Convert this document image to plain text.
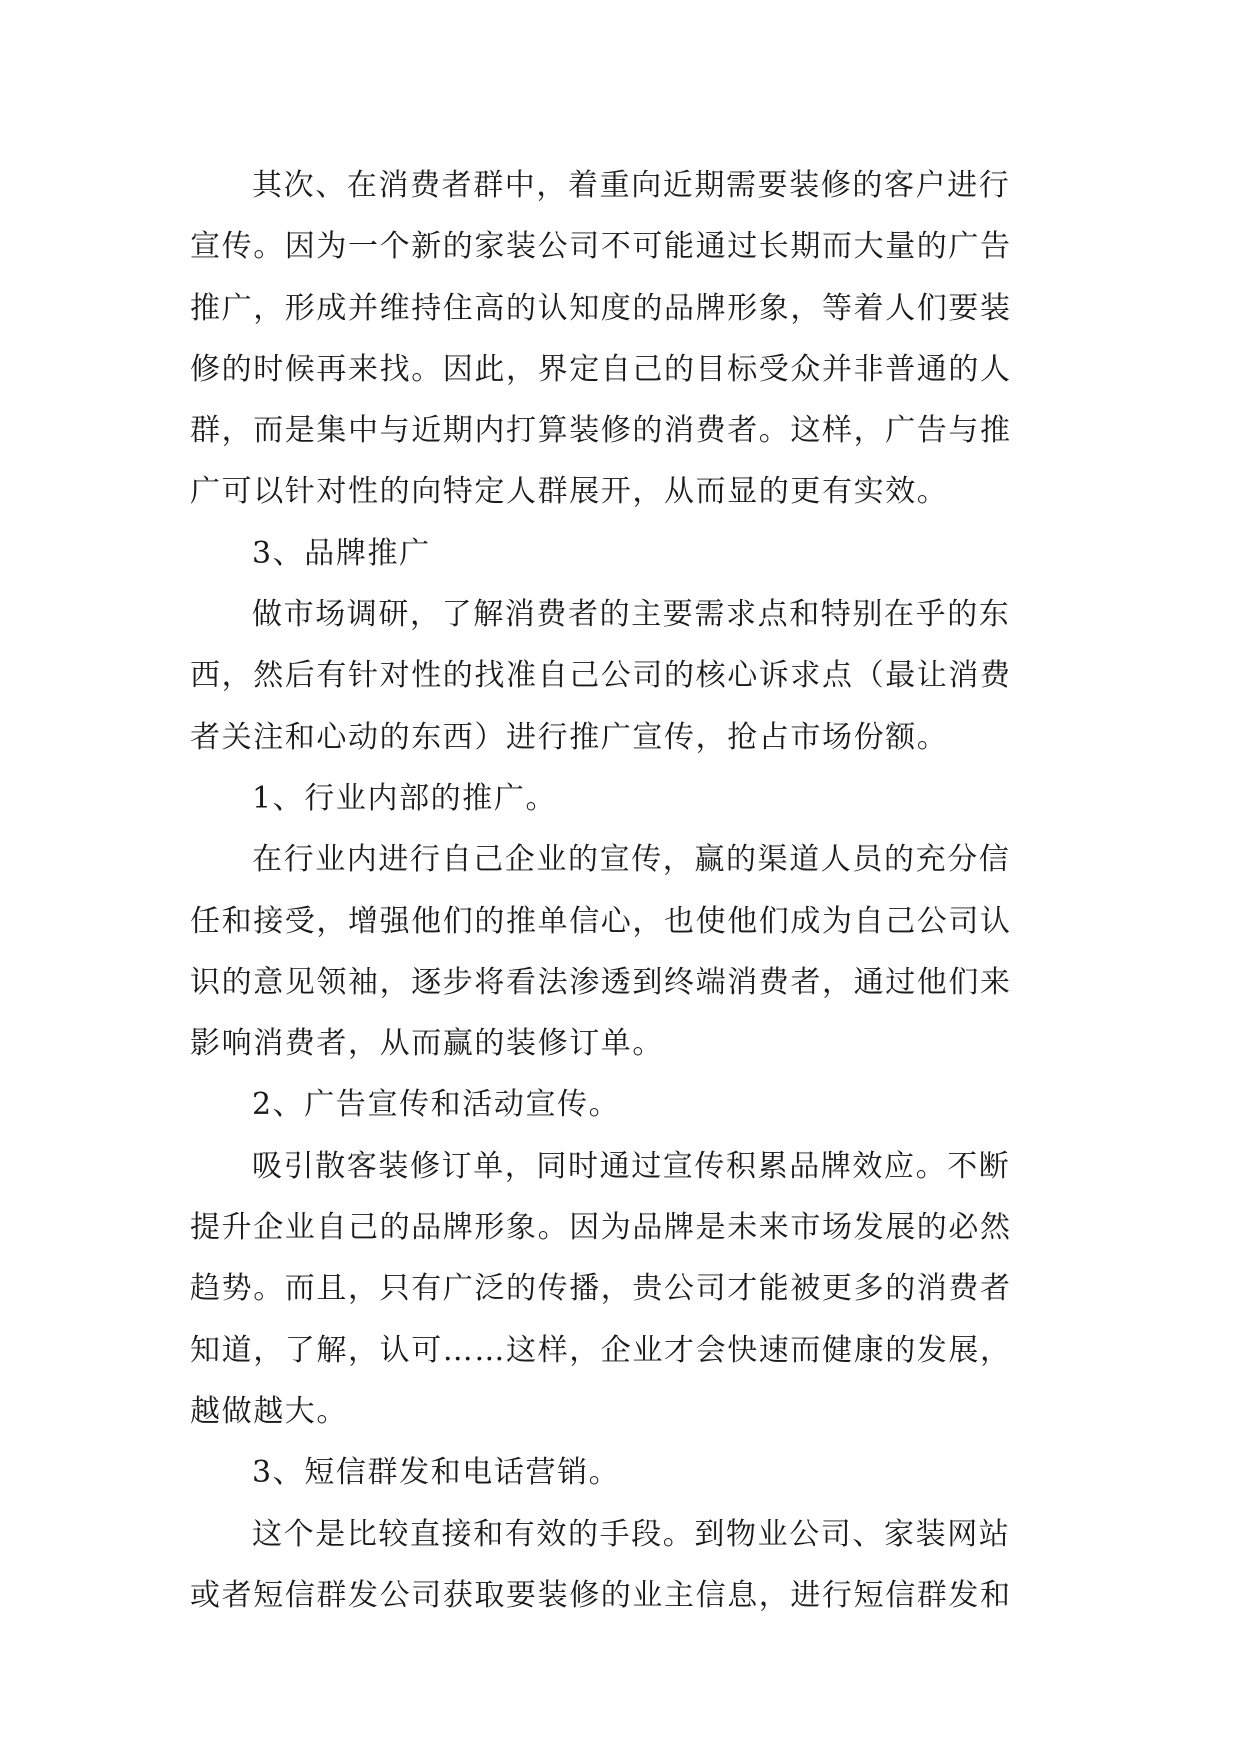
其次、在消费者群中，着重向近期需要装修的客户进行
宣传。因为一个新的家装公司不可能通过长期而大量的广告
推广，形成并维持住高的认知度的品牌形象，等着人们要装
修的时候再来找。因此，界定自己的目标受众并非普通的人
群，而是集中与近期内打算装修的消费者。这样，广告与推
广可以针对性的向特定人群展开，从而显的更有实效。

3、品牌推广

做市场调研，了解消费者的主要需求点和特别在乎的东
西，然后有针对性的找准自己公司的核心诉求点（最让消费
者关注和心动的东西）进行推广宣传，抢占市场份额。

1、行业内部的推广。

在行业内进行自己企业的宣传，赢的渠道人员的充分信
任和接受，增强他们的推单信心，也使他们成为自己公司认
识的意见领袖，逐步将看法渗透到终端消费者，通过他们来
影响消费者，从而赢的装修订单。

2、广告宣传和活动宣传。

吸引散客装修订单，同时通过宣传积累品牌效应。不断
提升企业自己的品牌形象。因为品牌是未来市场发展的必然
趋势。而且，只有广泛的传播，贵公司才能被更多的消费者
知道，了解，认可……这样，企业才会快速而健康的发展，
越做越大。

3、短信群发和电话营销。

这个是比较直接和有效的手段。到物业公司、家装网站
或者短信群发公司获取要装修的业主信息，进行短信群发和
